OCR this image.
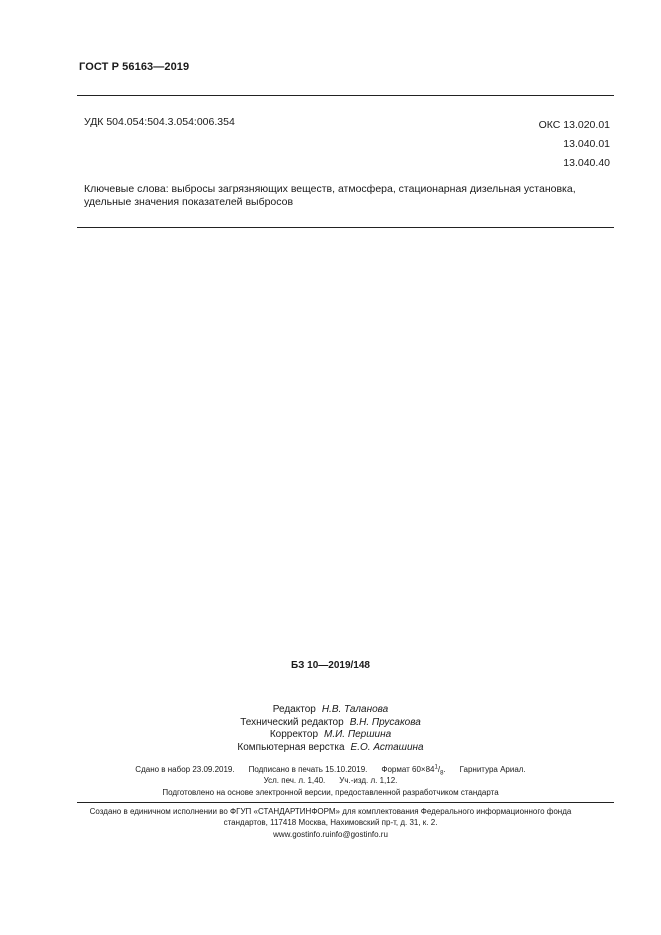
ГОСТ Р 56163—2019
УДК 504.054:504.3.054:006.354	ОКС 13.020.01
13.040.01
13.040.40
Ключевые слова: выбросы загрязняющих веществ, атмосфера, стационарная дизельная установка,
удельные значения показателей выбросов
БЗ 10—2019/148
Редактор Н.В. Таланова
Технический редактор В.Н. Прусакова
Корректор М.И. Першина
Компьютерная верстка Е.О. Асташина
Сдано в набор 23.09.2019. Подписано в печать 15.10.2019. Формат $60\times 84^1/_8$. Гарнитура Ариал.
Усл. печ. л. 1,40. Уч.-изд. л. 1,12.
Подготовлено на основе электронной версии, предоставленной разработчиком стандарта
Создано в единичном исполнении во ФГУП «СТАНДАРТИНФОРМ» для комплектования Федерального информационного фонда
стандартов, 117418 Москва, Нахимовский пр-т, д. 31, к. 2.
www.gostinfo.ruinfo@gostinfo.ru
